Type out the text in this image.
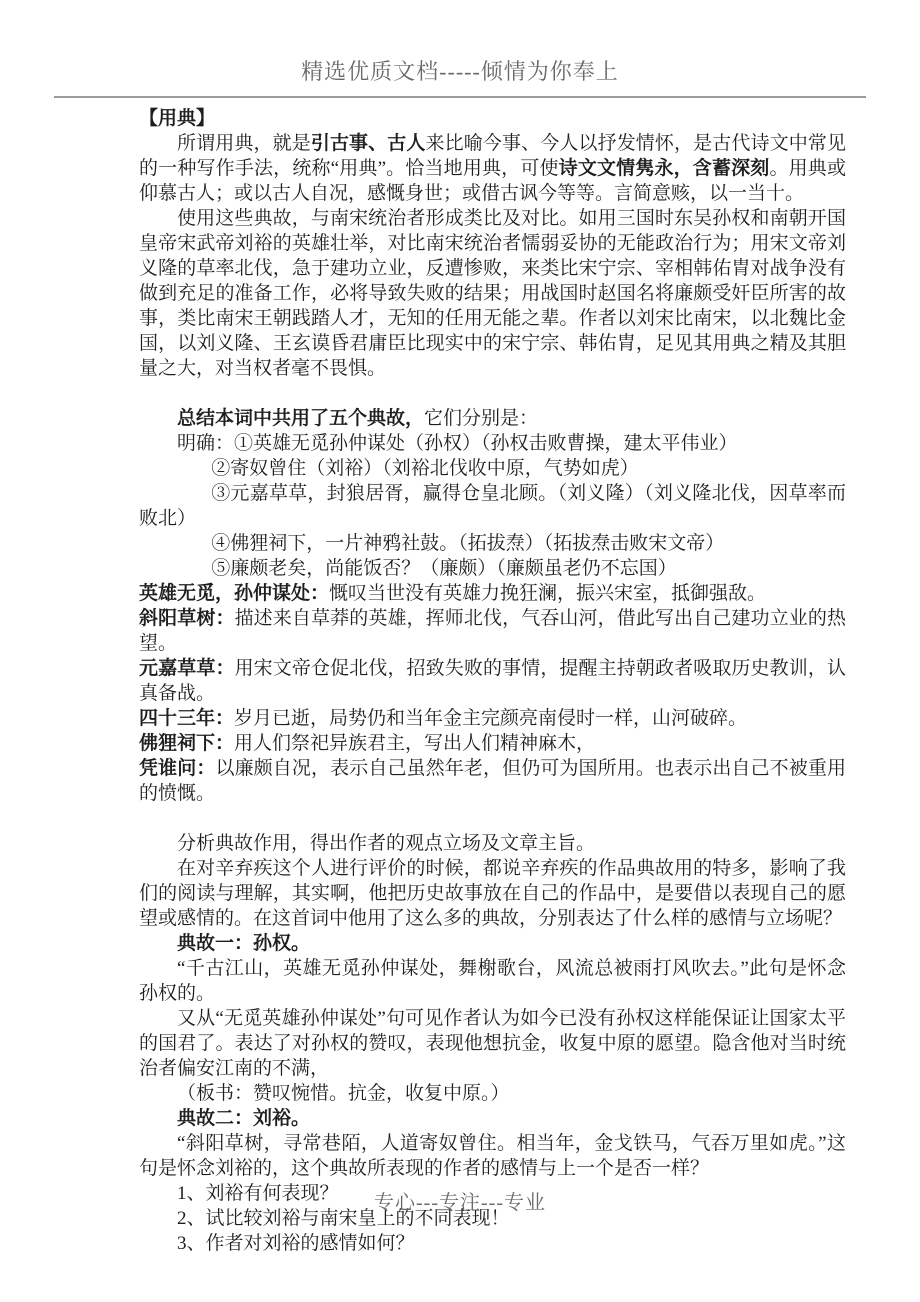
精选优质文档-----倾情为你奉上

【用典】

所谓用典，就是引古事、古人来比喻今事、今人以抒发情怀，是古代诗文中常见的一种写作手法，统称“用典”。恰当地用典，可使诗文文情隽永，含蓄深刻。用典或仰慕古人；或以古人自况，感慨身世；或借古讽今等等。言简意赅，以一当十。

使用这些典故，与南宋统治者形成类比及对比。如用三国时东吴孙权和南朝开国皇帝宋武帝刘裕的英雄壮举，对比南宋统治者懦弱妥协的无能政治行为；用宋文帝刘义隆的草率北伐，急于建功立业，反遭惨败，来类比宋宁宗、宰相韩佑胄对战争没有做到充足的准备工作，必将导致失败的结果；用战国时赵国名将廉颇受奸臣所害的故事，类比南宋王朝践踏人才，无知的任用无能之辈。作者以刘宋比南宋，以北魏比金国，以刘义隆、王玄谟昏君庸臣比现实中的宋宁宗、韩佑胄，足见其用典之精及其胆量之大，对当权者毫不畏惧。

总结本词中共用了五个典故，它们分别是：

明确：①英雄无觅孙仲谋处（孙权）（孙权击败曹操，建太平伟业）

②寄奴曾住（刘裕）（刘裕北伐收中原，气势如虎）

③元嘉草草，封狼居胥，赢得仓皇北顾。（刘义隆）（刘义隆北伐，因草率而败北）

④佛狸祠下，一片神鸦社鼓。（拓拔焘）（拓拔焘击败宋文帝）

⑤廉颇老矣，尚能饭否？（廉颇）（廉颇虽老仍不忘国）

英雄无觅，孙仲谋处：慨叹当世没有英雄力挽狂澜，振兴宋室，抵御强敌。

斜阳草树：描述来自草莽的英雄，挥师北伐，气吞山河，借此写出自己建功立业的热望。

元嘉草草：用宋文帝仓促北伐，招致失败的事情，提醒主持朝政者吸取历史教训，认真备战。

四十三年：岁月已逝，局势仍和当年金主完颜亮南侵时一样，山河破碎。

佛狸祠下：用人们祭祀异族君主，写出人们精神麻木，

凭谁问：以廉颇自况，表示自己虽然年老，但仍可为国所用。也表示出自己不被重用的愤慨。

分析典故作用，得出作者的观点立场及文章主旨。

在对辛弃疾这个人进行评价的时候，都说辛弃疾的作品典故用的特多，影响了我们的阅读与理解，其实啊，他把历史故事放在自己的作品中，是要借以表现自己的愿望或感情的。在这首词中他用了这么多的典故，分别表达了什么样的感情与立场呢？

典故一：孙权。

“千古江山，英雄无觅孙仲谋处，舞榭歌台，风流总被雨打风吹去。”此句是怀念孙权的。

又从“无觅英雄孙仲谋处”句可见作者认为如今已没有孙权这样能保证让国家太平的国君了。表达了对孙权的赞叹，表现他想抗金，收复中原的愿望。隐含他对当时统治者偏安江南的不满，

（板书：赞叹惋惜。抗金，收复中原。）

典故二：刘裕。

“斜阳草树，寻常巷陌，人道寄奴曾住。相当年，金戈铁马，气吞万里如虎。”这句是怀念刘裕的，这个典故所表现的作者的感情与上一个是否一样？

1、刘裕有何表现？

2、试比较刘裕与南宋皇上的不同表现！

3、作者对刘裕的感情如何？

专心---专注---专业
